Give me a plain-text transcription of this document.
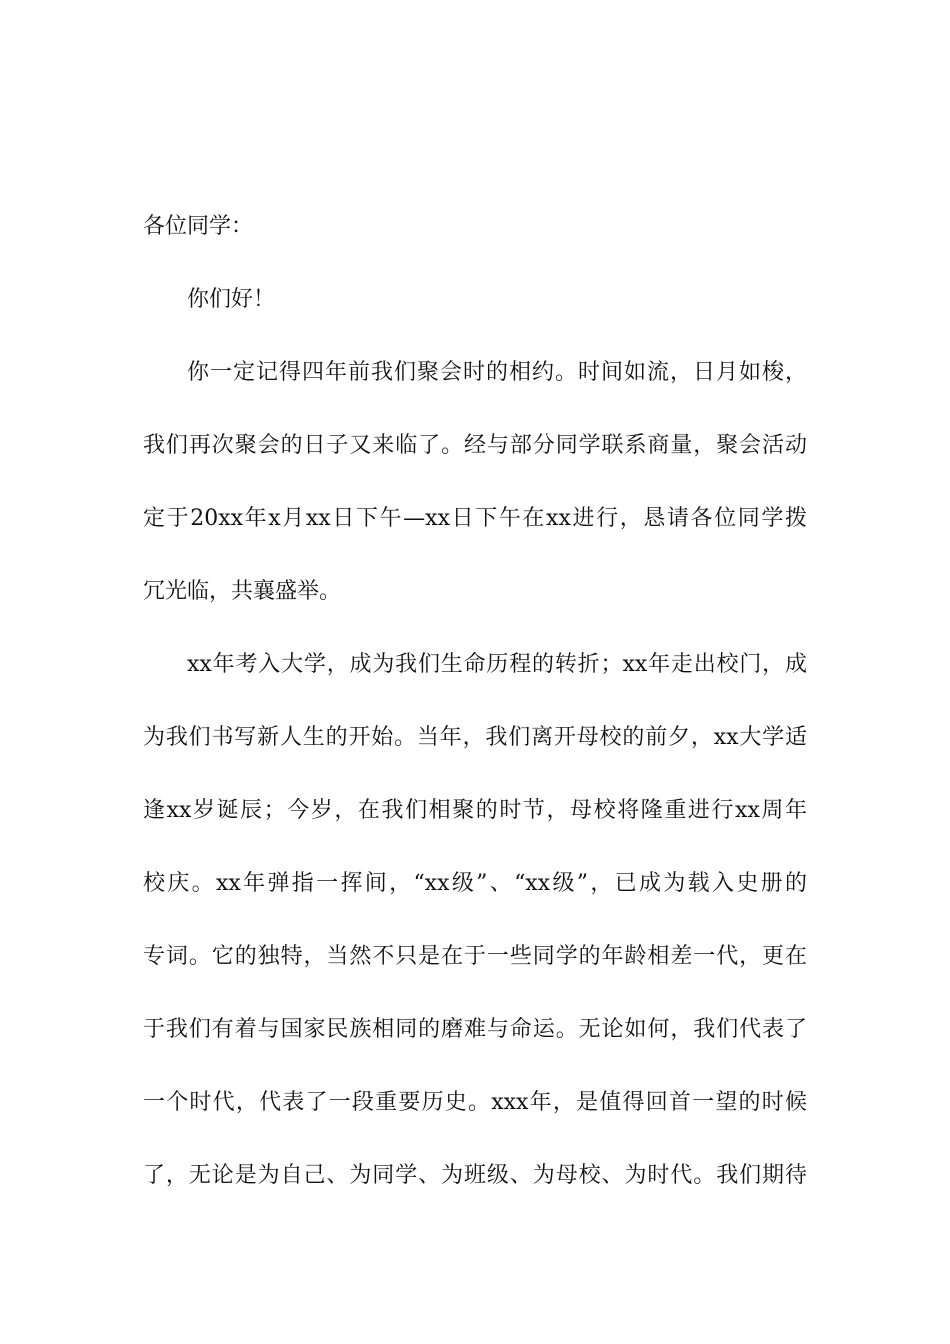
各位同学：
你们好！
你一定记得四年前我们聚会时的相约。时间如流，日月如梭，
我们再次聚会的日子又来临了。经与部分同学联系商量，聚会活动
定于20xx年x月xx日下午—xx日下午在xx进行，恳请各位同学拨
冗光临，共襄盛举。
xx年考入大学，成为我们生命历程的转折；xx年走出校门，成
为我们书写新人生的开始。当年，我们离开母校的前夕，xx大学适
逢xx岁诞辰；今岁，在我们相聚的时节，母校将隆重进行xx周年
校庆。xx年弹指一挥间，“xx级”、“xx级”，已成为载入史册的
专词。它的独特，当然不只是在于一些同学的年龄相差一代，更在
于我们有着与国家民族相同的磨难与命运。无论如何，我们代表了
一个时代，代表了一段重要历史。xxx年，是值得回首一望的时候
了，无论是为自己、为同学、为班级、为母校、为时代。我们期待
